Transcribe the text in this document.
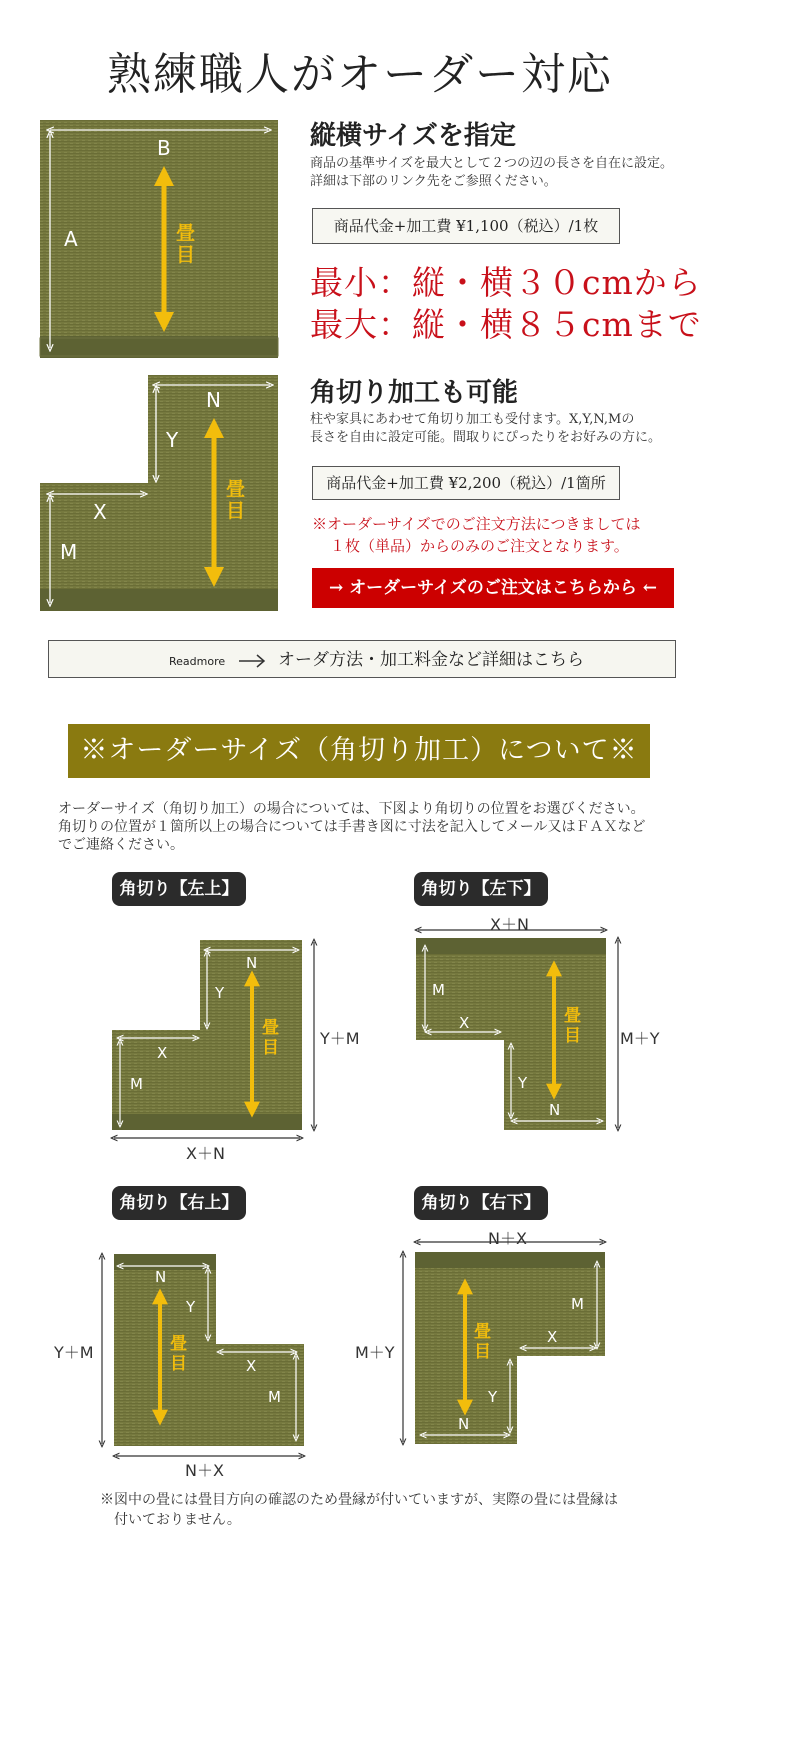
熟練職人がオーダー対応
B
A	畳
目
縦横サイズを指定
商品の基準サイズを最大として２つの辺の長さを自在に設定。
詳細は下部のリンク先をご参照ください。
商品代金+加工費 ¥1,100（税込）/1枚
最小：縦・横３０cmから
最大：縦・横８５cmまで
N
Y
X
M
畳
目
角切り加工も可能
柱や家具にあわせて角切り加工も受付ます。X,Y,N,Mの
長さを自由に設定可能。間取りにぴったりをお好みの方に。
商品代金+加工費 ¥2,200（税込）/1箇所
※オーダーサイズでのご注文方法につきましては
１枚（単品）からのみのご注文となります。
→ オーダーサイズのご注文はこちらから ←
Readmore	オーダ方法・加工料金など詳細はこちら
※オーダーサイズ（角切り加工）について※
オーダーサイズ（角切り加工）の場合については、下図より角切りの位置をお選びください。
角切りの位置が１箇所以上の場合については手書き図に寸法を記入してメール又はＦＡＸなど
でご連絡ください。
角切り【左上】
N
Y
X
M
畳
目
X＋N
Y＋M
角切り【左下】
X＋N
M
X
Y
N
畳
目 M＋Y
角切り【右上】
N
Y
X
M
畳
目
Y＋M
N＋X
角切り【右下】
N＋X
M
X
Y
N
畳
目
M＋Y
※図中の畳には畳目方向の確認のため畳縁が付いていますが、実際の畳には畳縁は
付いておりません。
